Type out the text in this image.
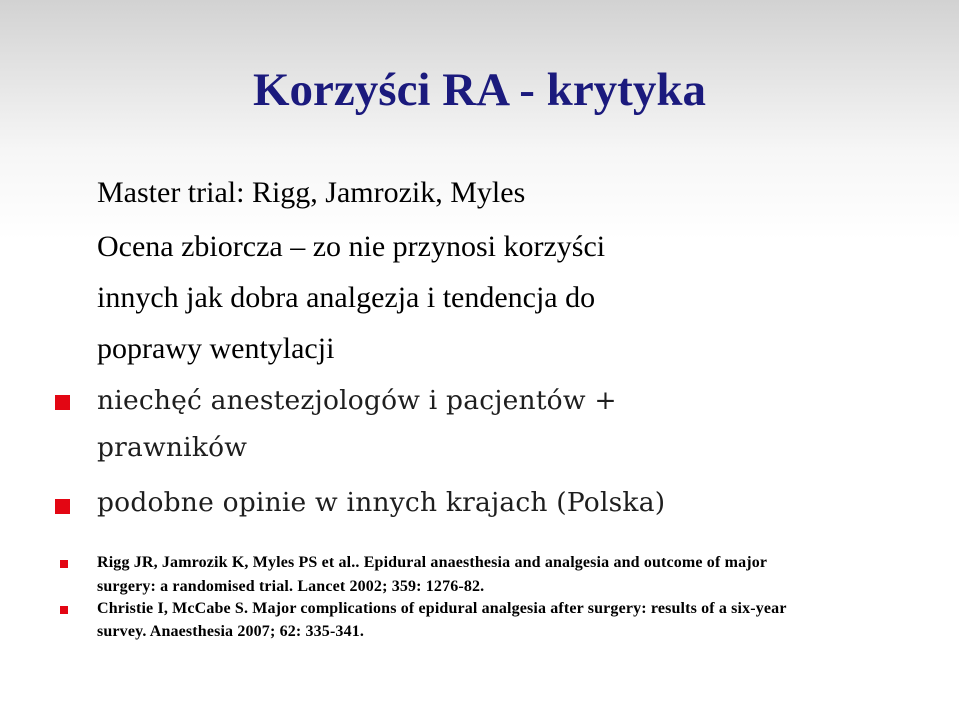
Korzyści RA - krytyka

Master trial: Rigg, Jamrozik, Myles

Ocena zbiorcza – zo nie przynosi korzyści

innych jak dobra analgezja i tendencja do

poprawy wentylacji

niechęć anestezjologów i pacjentów +

prawników

podobne opinie w innych krajach (Polska)

Rigg JR, Jamrozik K, Myles PS et al.. Epidural anaesthesia and analgesia and outcome of major

surgery: a randomised trial. Lancet 2002; 359: 1276-82.

Christie I, McCabe S. Major complications of epidural analgesia after surgery: results of a six-year

survey. Anaesthesia 2007; 62: 335-341.
